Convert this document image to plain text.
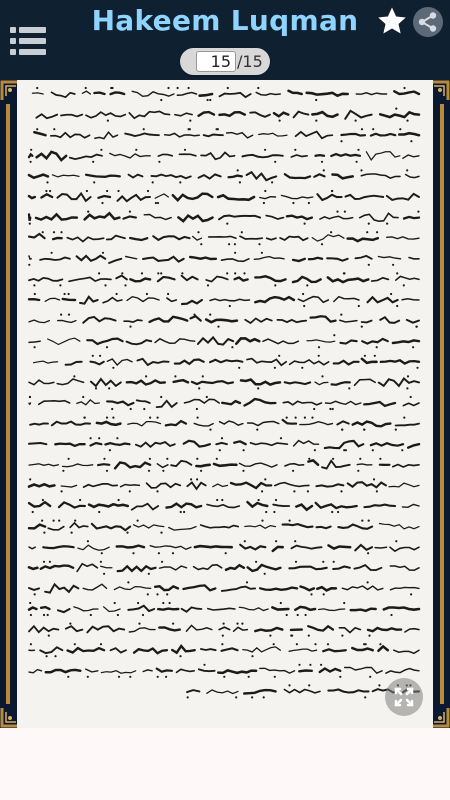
Hakeem Luqman
15 /15
